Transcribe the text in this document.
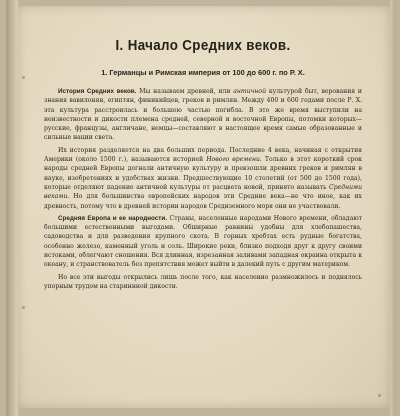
I. Начало Средних веков.
1. Германцы и Римская империя от 100 до 600 г. по Р. Х.

История Средних веков. Мы называем древней, или античной культурой быт, верования и знания вавилонян, египтян, финикийцев, греков и римлян. Между 400 и 600 годами после Р. Х. эта культура расстроилась и большею частью погибла. В это же время выступили на неизвестности и дикости племена средней, северной и восточной Европы, потомки которых—русские, французы, англичане, немцы—составляют в настоящее время самые образованные и сильные нации света.

Их история разделяется на два больших периода. Последние 4 века, начиная с открытия Америки (около 1500 г.), называются историей Нового времени. Только в этот короткий срок народы средней Европы догнали античную культуру и превзошли древних греков и римлян в науке, изобретениях и удобствах жизни. Предшествующие 10 столетий (от 500 до 1500 года), которые отделяют падение античной культуры от расцвета новой, принято называть Средними веками. Но для большинства европейских народов эти Средние века—не что иное, как их древность, потому что в древней истории народов Средиземного моря они не участвовали.

Средняя Европа и ее народности. Страны, населенные народами Нового времени, обладают большими естественными выгодами. Обширные равнины удобны для хлебопашества, садоводства и для разведения крупного скота. В горных хребтах есть рудные богатства, особенно железо, каменный уголь и соль. Широкие реки, близко подходя друг к другу своими истоками, облегчают сношения. Вся длинная, изрезанная заливами западная окраина открыта к океану, и странствователь без препятствия может выйти в далекий путь с другим материком.

Но все эти выгоды открылись лишь после того, как население размножилось и поднялось упорным трудом на стариннной дикости.
